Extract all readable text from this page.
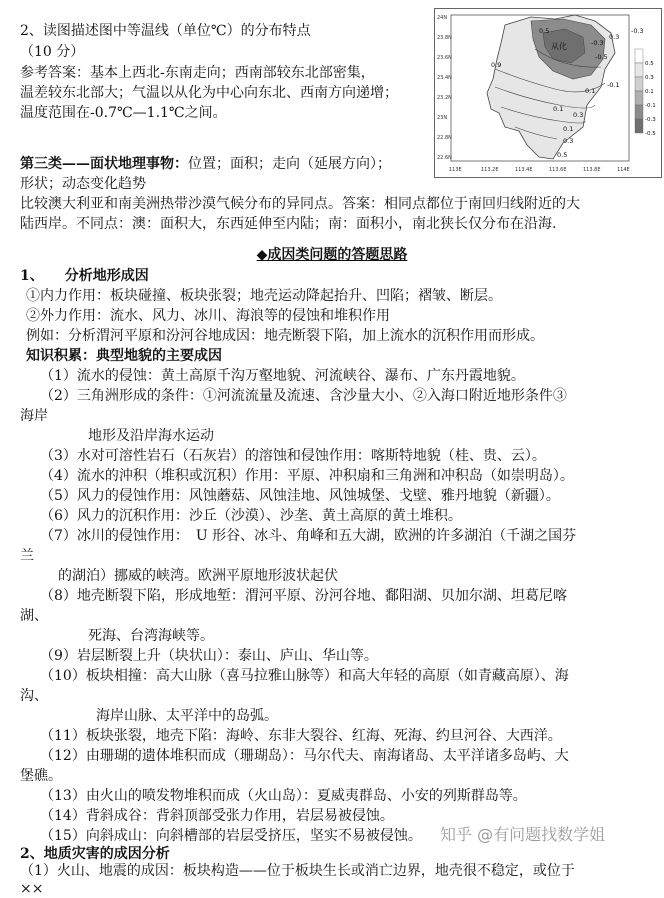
2、读图描述图中等温线（单位℃）的分布特点
（10 分）
参考答案：基本上西北-东南走向；西南部较东北部密集，
温差较东北部大；气温以从化为中心向东北、西南方向递增；
温度范围在-0.7℃—1.1℃之间。
从化
0.9
0.5
0.3
0.1
-0.1
-0.3
-0.5
-0.3
0.1
0.5
0.3
0.1
0.3
24N
23.8N
23.6N
23.4N
23.2N
23N
22.8N
22.6N
113E	113.2E	113.4E	113.6E	113.8E	114E
0.5
0.3
0.1
-0.1
-0.3
-0.5
第三类——面状地理事物：位置；面积；走向（延展方向）；
形状；动态变化趋势
比较澳大利亚和南美洲热带沙漠气候分布的异同点。答案：相同点都位于南回归线附近的大
陆西岸。不同点：澳：面积大，东西延伸至内陆；南：面积小，南北狭长仅分布在沿海.
◆成因类问题的答题思路
1、　　分析地形成因
①内力作用：板块碰撞、板块张裂；地壳运动降起抬升、凹陷；褶皱、断层。
②外力作用：流水、风力、冰川、海浪等的侵蚀和堆积作用
例如：分析渭河平原和汾河谷地成因：地壳断裂下陷，加上流水的沉积作用而形成。
知识积累：典型地貌的主要成因
（1）流水的侵蚀：黄土高原千沟万壑地貌、河流峡谷、瀑布、广东丹霞地貌。
（2）三角洲形成的条件：①河流流量及流速、含沙量大小、②入海口附近地形条件③
海岸
地形及沿岸海水运动
（3）水对可溶性岩石（石灰岩）的溶蚀和侵蚀作用：喀斯特地貌（桂、贵、云）。
（4）流水的沖积（堆积或沉积）作用：平原、冲积扇和三角洲和冲积岛（如崇明岛）。
（5）风力的侵蚀作用：风蚀蘑菇、风蚀洼地、风蚀城堡、戈壁、雅丹地貌（新疆）。
（6）风力的沉积作用：沙丘（沙漠）、沙垄、黄土高原的黄土堆积。
（7）冰川的侵蚀作用：　U 形谷、冰斗、角峰和五大湖，欧洲的许多湖泊（千湖之国芬
兰
的湖泊）挪威的峡湾。欧洲平原地形波状起伏
（8）地壳断裂下陷，形成地堑：渭河平原、汾河谷地、鄱阳湖、贝加尔湖、坦葛尼喀
湖、
死海、台湾海峡等。
（9）岩层断裂上升（块状山）：泰山、庐山、华山等。
（10）板块相撞：高大山脉（喜马拉雅山脉等）和高大年轻的高原（如青藏高原）、海
沟、
海岸山脉、太平洋中的岛弧。
（11）板块张裂，地壳下陷：海岭、东非大裂谷、红海、死海、约旦河谷、大西洋。
（12）由珊瑚的遗体堆积而成（珊瑚岛）：马尔代夫、南海诸岛、太平洋诸多岛屿、大
堡礁。
（13）由火山的喷发物堆积而成（火山岛）：夏威夷群岛、小安的列斯群岛等。
（14）背斜成谷：背斜顶部受张力作用，岩层易被侵蚀。
（15）向斜成山：向斜槽部的岩层受挤压，坚实不易被侵蚀。
2、地质灾害的成因分析
（1）火山、地震的成因：板块构造——位于板块生长或消亡边界，地壳很不稳定，或位于
××
知乎 @有问题找数学姐
